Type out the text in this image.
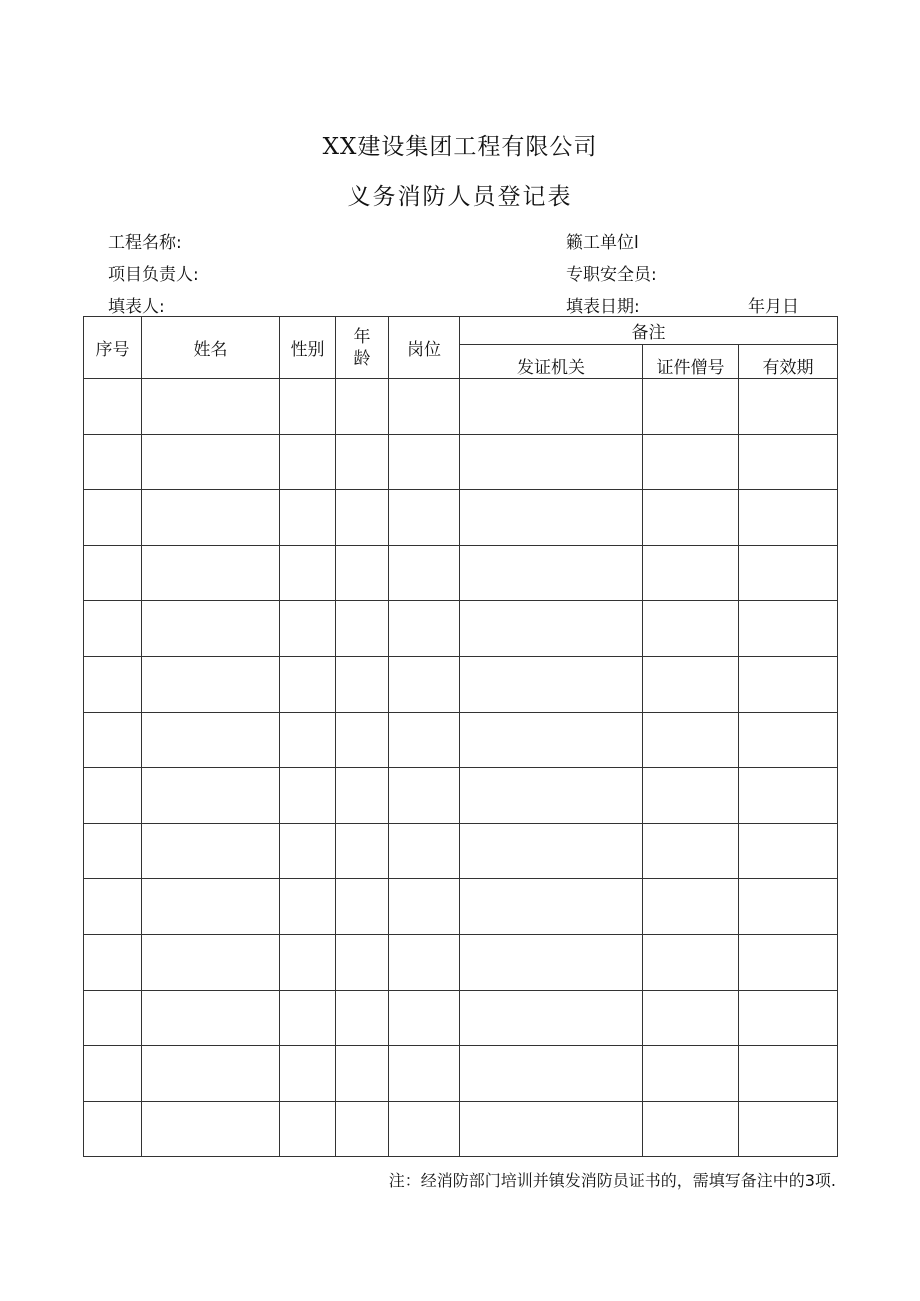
XX建设集团工程有限公司
义务消防人员登记表
工程名称:	籁工单位l
项目负责人:	专职安全员:
填表人:	填表日期:	年月日
序号	姓名	性别	年龄	岗位	备注		
					发证机关	证件僧号	有效期

注：经消防部门培训并镇发消防员证书的，需填写备注中的3项.
